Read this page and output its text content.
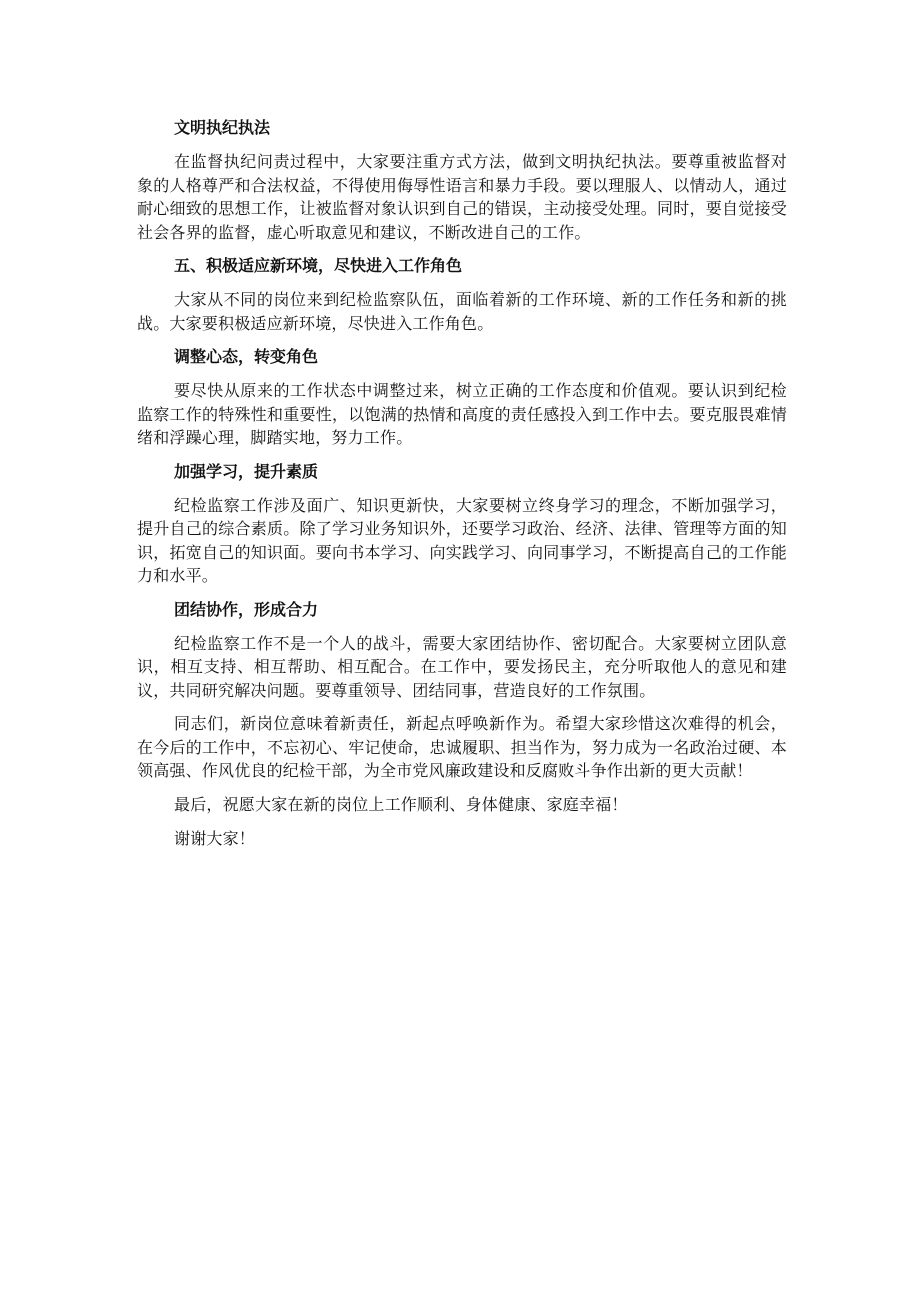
文明执纪执法

在监督执纪问责过程中，大家要注重方式方法，做到文明执纪执法。要尊重被监督对象的人格尊严和合法权益，不得使用侮辱性语言和暴力手段。要以理服人、以情动人，通过耐心细致的思想工作，让被监督对象认识到自己的错误，主动接受处理。同时，要自觉接受社会各界的监督，虚心听取意见和建议，不断改进自己的工作。

五、积极适应新环境，尽快进入工作角色

大家从不同的岗位来到纪检监察队伍，面临着新的工作环境、新的工作任务和新的挑战。大家要积极适应新环境，尽快进入工作角色。

调整心态，转变角色

要尽快从原来的工作状态中调整过来，树立正确的工作态度和价值观。要认识到纪检监察工作的特殊性和重要性，以饱满的热情和高度的责任感投入到工作中去。要克服畏难情绪和浮躁心理，脚踏实地，努力工作。

加强学习，提升素质

纪检监察工作涉及面广、知识更新快，大家要树立终身学习的理念，不断加强学习，提升自己的综合素质。除了学习业务知识外，还要学习政治、经济、法律、管理等方面的知识，拓宽自己的知识面。要向书本学习、向实践学习、向同事学习，不断提高自己的工作能力和水平。

团结协作，形成合力

纪检监察工作不是一个人的战斗，需要大家团结协作、密切配合。大家要树立团队意识，相互支持、相互帮助、相互配合。在工作中，要发扬民主，充分听取他人的意见和建议，共同研究解决问题。要尊重领导、团结同事，营造良好的工作氛围。

同志们，新岗位意味着新责任，新起点呼唤新作为。希望大家珍惜这次难得的机会，在今后的工作中，不忘初心、牢记使命，忠诚履职、担当作为，努力成为一名政治过硬、本领高强、作风优良的纪检干部，为全市党风廉政建设和反腐败斗争作出新的更大贡献！

最后，祝愿大家在新的岗位上工作顺利、身体健康、家庭幸福！

谢谢大家！
